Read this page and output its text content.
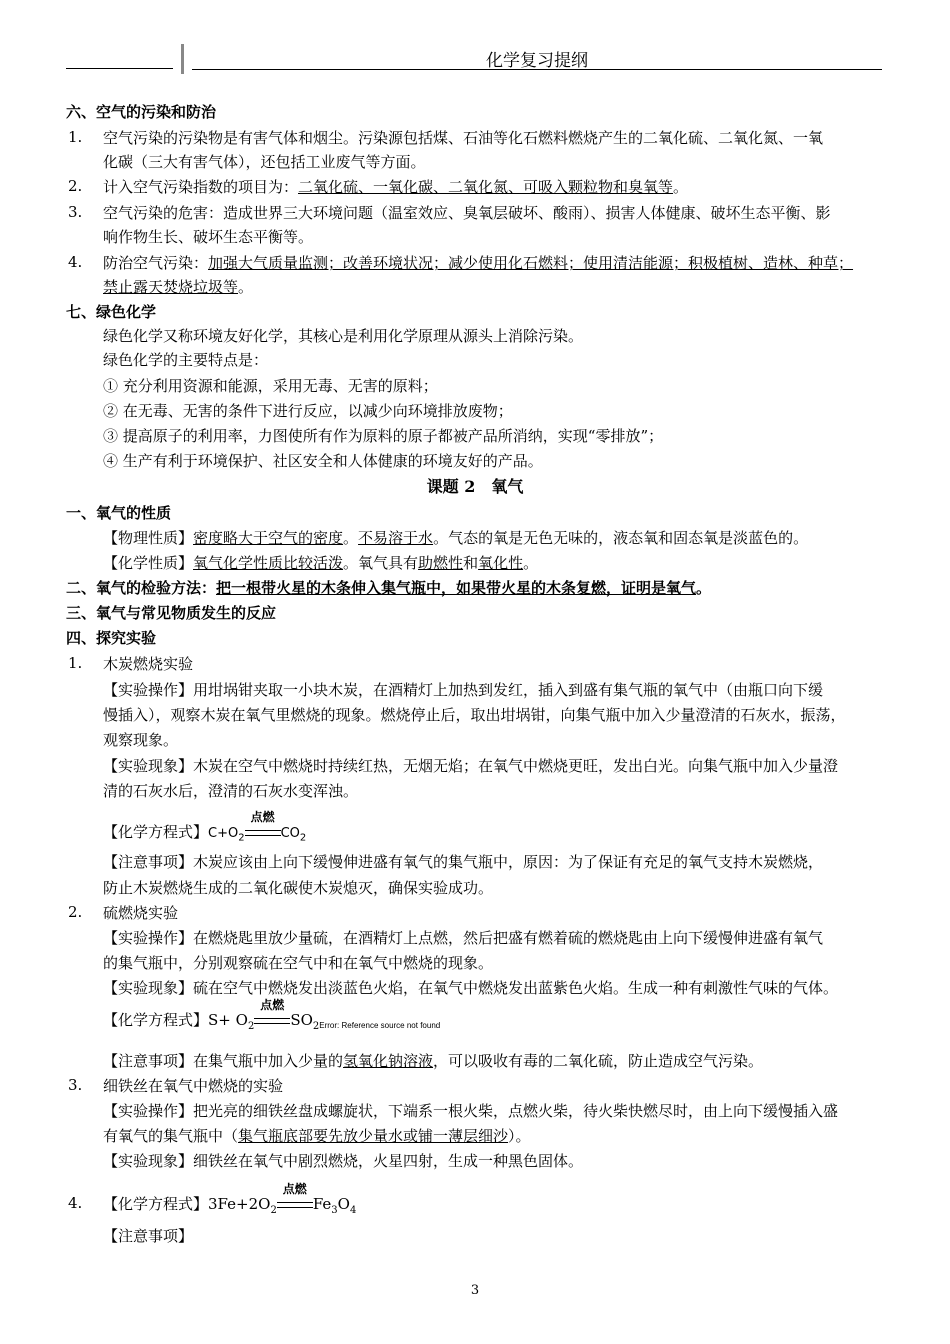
化学复习提纲
六、空气的污染和防治
1. 空气污染的污染物是有害气体和烟尘。污染源包括煤、石油等化石燃料燃烧产生的二氧化硫、二氧化氮、一氧
化碳（三大有害气体），还包括工业废气等方面。
2. 计入空气污染指数的项目为：二氧化硫、一氧化碳、二氧化氮、可吸入颗粒物和臭氧等。
3. 空气污染的危害：造成世界三大环境问题（温室效应、臭氧层破坏、酸雨）、损害人体健康、破坏生态平衡、影
响作物生长、破坏生态平衡等。
4. 防治空气污染：加强大气质量监测；改善环境状况；减少使用化石燃料；使用清洁能源；积极植树、造林、种草；
禁止露天焚烧垃圾等。
七、绿色化学
绿色化学又称环境友好化学，其核心是利用化学原理从源头上消除污染。
绿色化学的主要特点是：
① 充分利用资源和能源，采用无毒、无害的原料；
② 在无毒、无害的条件下进行反应，以减少向环境排放废物；
③ 提高原子的利用率，力图使所有作为原料的原子都被产品所消纳，实现“零排放”；
④ 生产有利于环境保护、社区安全和人体健康的环境友好的产品。
课题 2　氧气
一、氧气的性质
【物理性质】密度略大于空气的密度。不易溶于水。气态的氧是无色无味的，液态氧和固态氧是淡蓝色的。
【化学性质】氧气化学性质比较活泼。氧气具有助燃性和氧化性。
二、氧气的检验方法：把一根带火星的木条伸入集气瓶中，如果带火星的木条复燃，证明是氧气。
三、氧气与常见物质发生的反应
四、探究实验
1. 木炭燃烧实验
【实验操作】用坩埚钳夹取一小块木炭，在酒精灯上加热到发红，插入到盛有集气瓶的氧气中（由瓶口向下缓
慢插入），观察木炭在氧气里燃烧的现象。燃烧停止后，取出坩埚钳，向集气瓶中加入少量澄清的石灰水，振荡，
观察现象。
【实验现象】木炭在空气中燃烧时持续红热，无烟无焰；在氧气中燃烧更旺，发出白光。向集气瓶中加入少量澄
清的石灰水后，澄清的石灰水变浑浊。
【化学方程式】$C+O_2$
点燃
$CO_2$
【注意事项】木炭应该由上向下缓慢伸进盛有氧气的集气瓶中，原因：为了保证有充足的氧气支持木炭燃烧，
防止木炭燃烧生成的二氧化碳使木炭熄灭，确保实验成功。
2. 硫燃烧实验
【实验操作】在燃烧匙里放少量硫，在酒精灯上点燃，然后把盛有燃着硫的燃烧匙由上向下缓慢伸进盛有氧气
的集气瓶中，分别观察硫在空气中和在氧气中燃烧的现象。
【实验现象】硫在空气中燃烧发出淡蓝色火焰，在氧气中燃烧发出蓝紫色火焰。生成一种有刺激性气味的气体。
【化学方程式】$S+ O_2$
点燃
$SO_{2Error: Reference source not found}$
【注意事项】在集气瓶中加入少量的氢氧化钠溶液，可以吸收有毒的二氧化硫，防止造成空气污染。
3. 细铁丝在氧气中燃烧的实验
【实验操作】把光亮的细铁丝盘成螺旋状，下端系一根火柴，点燃火柴，待火柴快燃尽时，由上向下缓慢插入盛
有氧气的集气瓶中（集气瓶底部要先放少量水或铺一薄层细沙）。
【实验现象】细铁丝在氧气中剧烈燃烧，火星四射，生成一种黑色固体。
4. 【化学方程式】$3Fe+2O_2$
点燃
$Fe_3O_4$
【注意事项】
3
